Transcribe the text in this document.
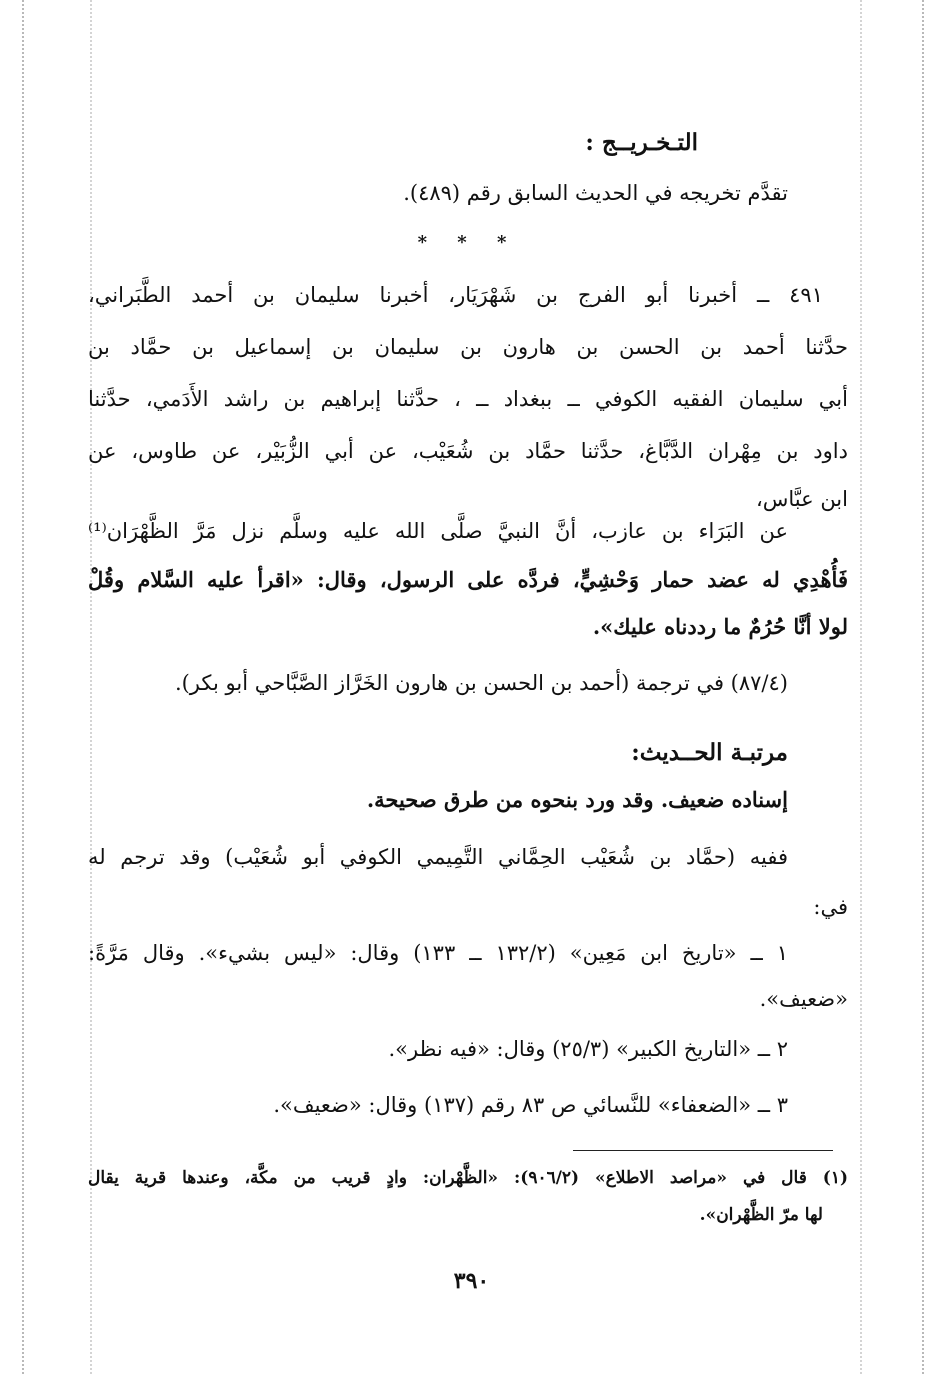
التـخـريــج :
تقدَّم تخريجه في الحديث السابق رقم (٤٨٩).
* * *
٤٩١ ــ أخبرنا أبو الفرج بن شَهْرَيَار، أخبرنا سليمان بن أحمد الطَّبَراني،
حدَّثنا أحمد بن الحسن بن هارون بن سليمان بن إسماعيل بن حمَّاد بن
أبي سليمان الفقيه الكوفي ــ ببغداد ــ ، حدَّثنا إبراهيم بن راشد الأَدَمي، حدَّثنا
داود بن مِهْران الدَّبَّاغ، حدَّثنا حمَّاد بن شُعَيْب، عن أبي الزُّبَيْر، عن طاوس، عن
ابن عبَّاس،
عن البَرَاء بن عازب، أنَّ النبيَّ صلَّى الله عليه وسلَّم نزل مَرَّ الظَّهْرَان⁽¹⁾
فَأُهْدِي له عضد حمار وَحْشِيٍّ، فردَّه على الرسول، وقال: «اقرأ عليه السَّلام وقُلْ
لولا أنَّا حُرُمٌ ما رددناه عليك».
(٨٧/٤) في ترجمة (أحمد بن الحسن بن هارون الخَرَّاز الصَّبَّاحي أبو بكر).
مرتبـة الحــديث:
إسناده ضعيف. وقد ورد بنحوه من طرق صحيحة.
ففيه (حمَّاد بن شُعَيْب الحِمَّاني التَّمِيمي الكوفي أبو شُعَيْب) وقد ترجم له
في:
١ ــ «تاريخ ابن مَعِين» (١٣٢/٢ ــ ١٣٣) وقال: «ليس بشيء». وقال مَرَّةً:
«ضعيف».
٢ ــ «التاريخ الكبير» (٢٥/٣) وقال: «فيه نظر».
٣ ــ «الضعفاء» للنَّسائي ص ٨٣ رقم (١٣٧) وقال: «ضعيف».
(١) قال في «مراصد الاطلاع» (٩٠٦/٢): «الظَّهْران: وادٍ قريب من مكَّة، وعندها قرية يقال
لها مرّ الظَّهْران».
٣٩٠
